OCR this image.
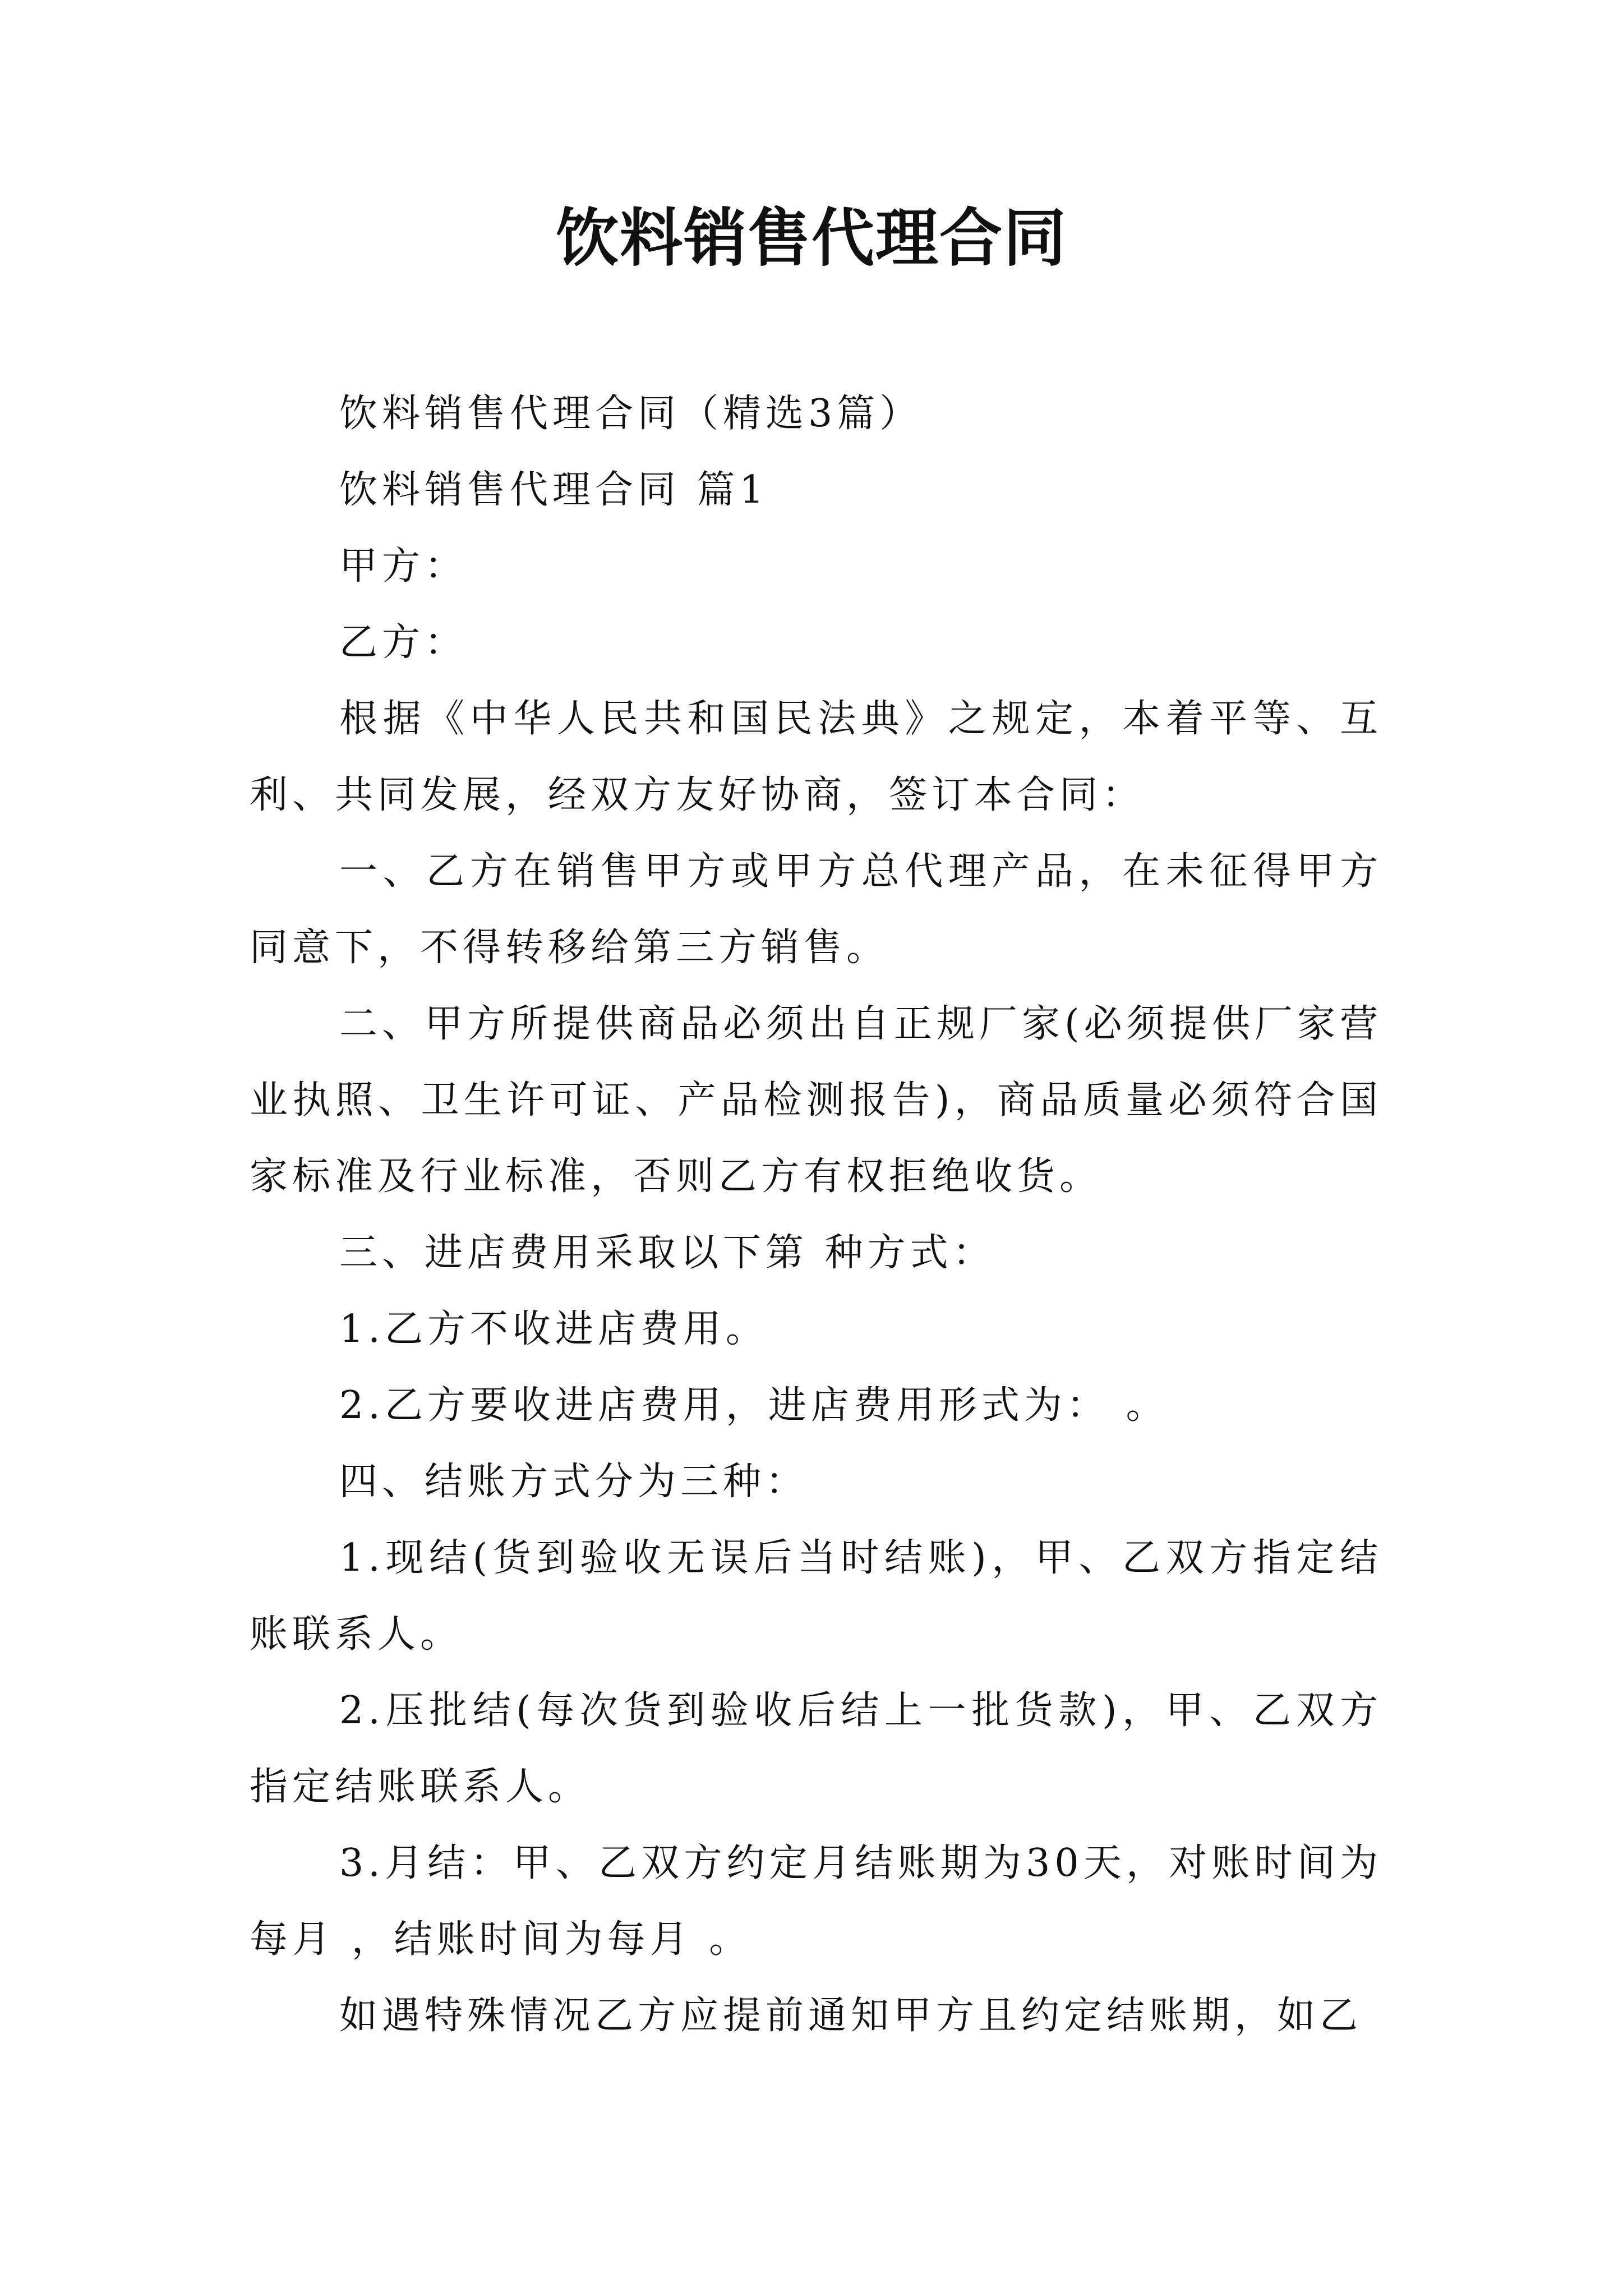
饮料销售代理合同

饮料销售代理合同（精选3篇）

饮料销售代理合同 篇1

甲方：

乙方：

根据《中华人民共和国民法典》之规定，本着平等、互利、共同发展，经双方友好协商，签订本合同：

一、乙方在销售甲方或甲方总代理产品，在未征得甲方同意下，不得转移给第三方销售。

二、甲方所提供商品必须出自正规厂家(必须提供厂家营业执照、卫生许可证、产品检测报告)，商品质量必须符合国家标准及行业标准，否则乙方有权拒绝收货。

三、进店费用采取以下第 种方式：

1.乙方不收进店费用。

2.乙方要收进店费用，进店费用形式为： 。

四、结账方式分为三种：

1.现结(货到验收无误后当时结账)，甲、乙双方指定结账联系人。

2.压批结(每次货到验收后结上一批货款)，甲、乙双方指定结账联系人。

3.月结：甲、乙双方约定月结账期为30天，对账时间为每月 ，结账时间为每月 。

如遇特殊情况乙方应提前通知甲方且约定结账期，如乙
